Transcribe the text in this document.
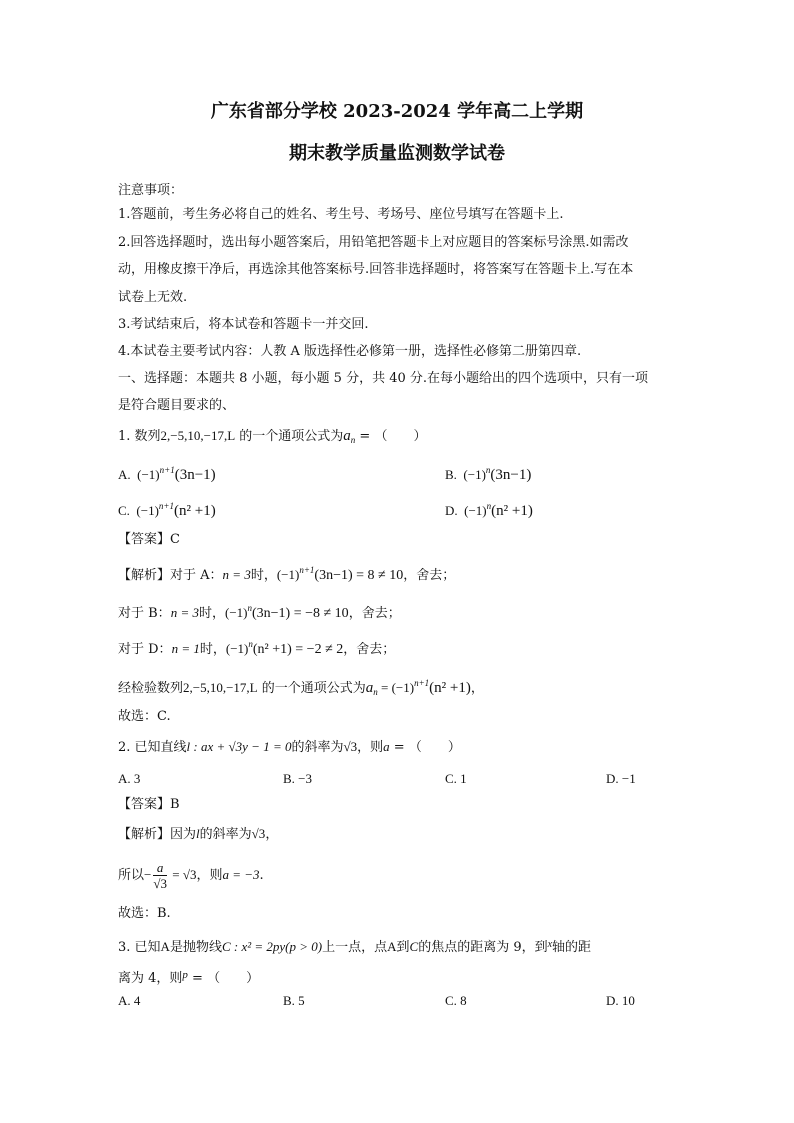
广东省部分学校 2023-2024 学年高二上学期
期末教学质量监测数学试卷
注意事项：
1.答题前，考生务必将自己的姓名、考生号、考场号、座位号填写在答题卡上.
2.回答选择题时，选出每小题答案后，用铅笔把答题卡上对应题目的答案标号涂黑.如需改
动，用橡皮擦干净后，再选涂其他答案标号.回答非选择题时，将答案写在答题卡上.写在本
试卷上无效.
3.考试结束后，将本试卷和答题卡一并交回.
4.本试卷主要考试内容：人教 A 版选择性必修第一册，选择性必修第二册第四章.
一、选择题：本题共 8 小题，每小题 5 分，共 40 分.在每小题给出的四个选项中，只有一项
是符合题目要求的、
1. 数列2,−5,10,−17,L 的一个通项公式为$a_n$ = （　　）
A. $(-1)^{n+1}(3n-1)$	B. $(-1)^n(3n-1)$
C. $(-1)^{n+1}(n^2 +1)$	D. $(-1)^n(n^2 +1)$
【答案】C
【解析】对于 A：n = 3时，$(-1)^{n+1}(3n-1) = 8 \ne 10$，舍去；
对于 B：n = 3时，$(-1)^n(3n-1) = -8 \ne 10$，舍去；
对于 D：n = 1时，$(-1)^n(n^2 +1) = -2 \ne 2$，舍去；
经检验数列2,−5,10,−17,L 的一个通项公式为$a_n = (-1)^{n+1}(n^2 +1)$，
故选：C.
2. 已知直线l : ax + √3y − 1 = 0的斜率为√3，则a = （　　）
A. 3	B. −3	C. 1	D. −1
【答案】B
【解析】因为l的斜率为√3，
所以− $\frac{a}{√3} = √3$，则a = −3.
故选：B.
3. 已知A是抛物线C : x² = 2py(p > 0)上一点，点A到C的焦点的距离为 9，到$^x$轴的距
离为 4，则$^p$ = （　　）
A. 4	B. 5	C. 8	D. 10
